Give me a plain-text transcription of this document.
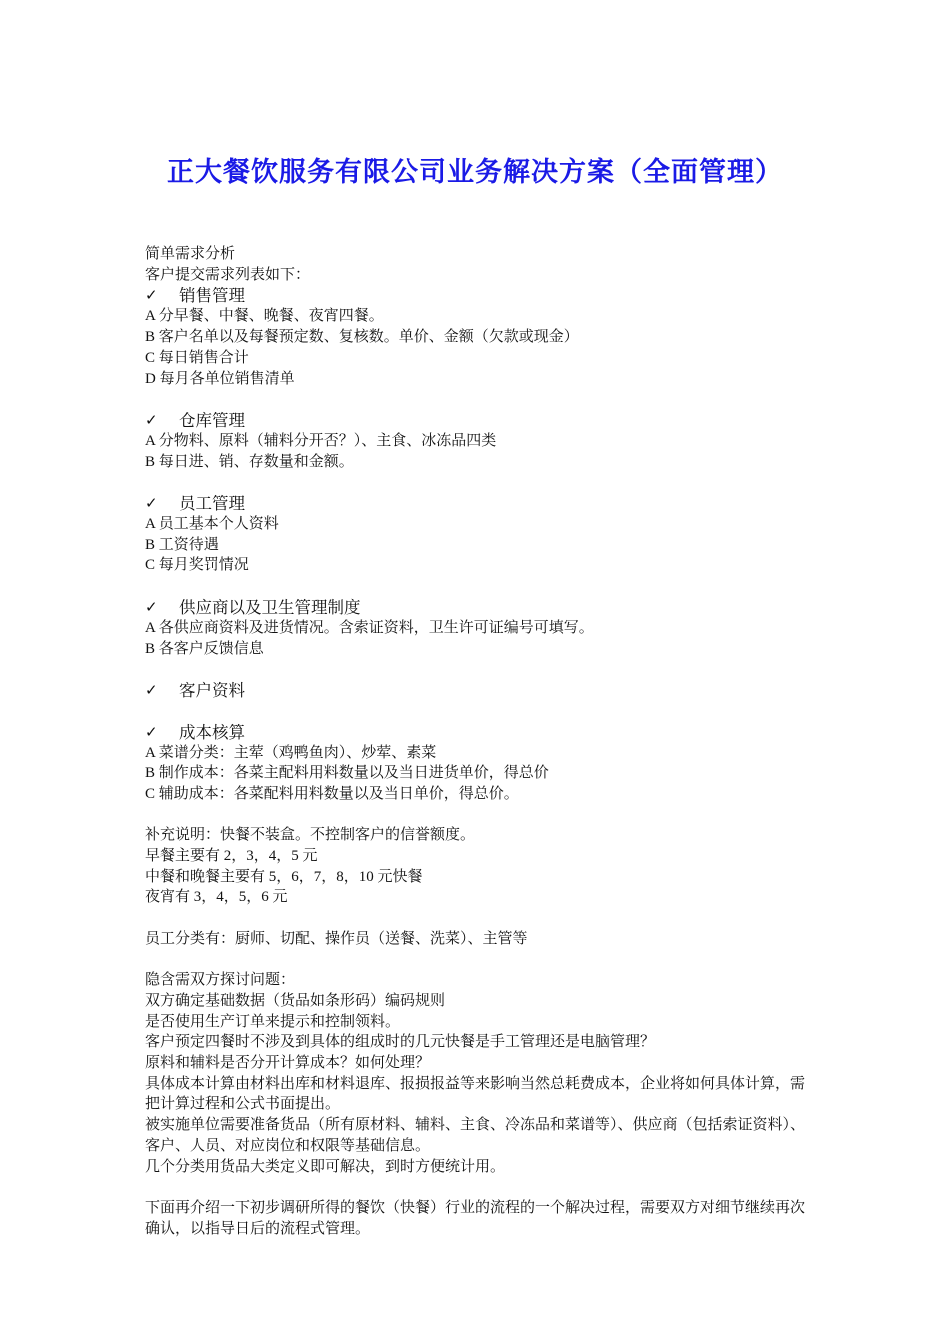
正大餐饮服务有限公司业务解决方案（全面管理）

简单需求分析

客户提交需求列表如下：

✓	销售管理

A 分早餐、中餐、晚餐、夜宵四餐。

B 客户名单以及每餐预定数、复核数。单价、金额（欠款或现金）

C 每日销售合计

D 每月各单位销售清单

✓	仓库管理

A 分物料、原料（辅料分开否？）、主食、冰冻品四类

B 每日进、销、存数量和金额。

✓	员工管理

A 员工基本个人资料

B 工资待遇

C 每月奖罚情况

✓	供应商以及卫生管理制度

A 各供应商资料及进货情况。含索证资料，卫生许可证编号可填写。

B 各客户反馈信息

✓	客户资料

✓	成本核算

A 菜谱分类：主荤（鸡鸭鱼肉）、炒荤、素菜

B 制作成本：各菜主配料用料数量以及当日进货单价，得总价

C 辅助成本：各菜配料用料数量以及当日单价，得总价。

补充说明：快餐不装盒。不控制客户的信誉额度。

早餐主要有 2，3，4，5 元

中餐和晚餐主要有 5，6，7，8，10 元快餐

夜宵有 3，4，5，6 元

员工分类有：厨师、切配、操作员（送餐、洗菜）、主管等

隐含需双方探讨问题：

双方确定基础数据（货品如条形码）编码规则

是否使用生产订单来提示和控制领料。

客户预定四餐时不涉及到具体的组成时的几元快餐是手工管理还是电脑管理？

原料和辅料是否分开计算成本？如何处理？

具体成本计算由材料出库和材料退库、报损报益等来影响当然总耗费成本，企业将如何具体计算，需把计算过程和公式书面提出。

被实施单位需要准备货品（所有原材料、辅料、主食、冷冻品和菜谱等）、供应商（包括索证资料）、客户、人员、对应岗位和权限等基础信息。

几个分类用货品大类定义即可解决，到时方便统计用。

下面再介绍一下初步调研所得的餐饮（快餐）行业的流程的一个解决过程，需要双方对细节继续再次确认，以指导日后的流程式管理。
